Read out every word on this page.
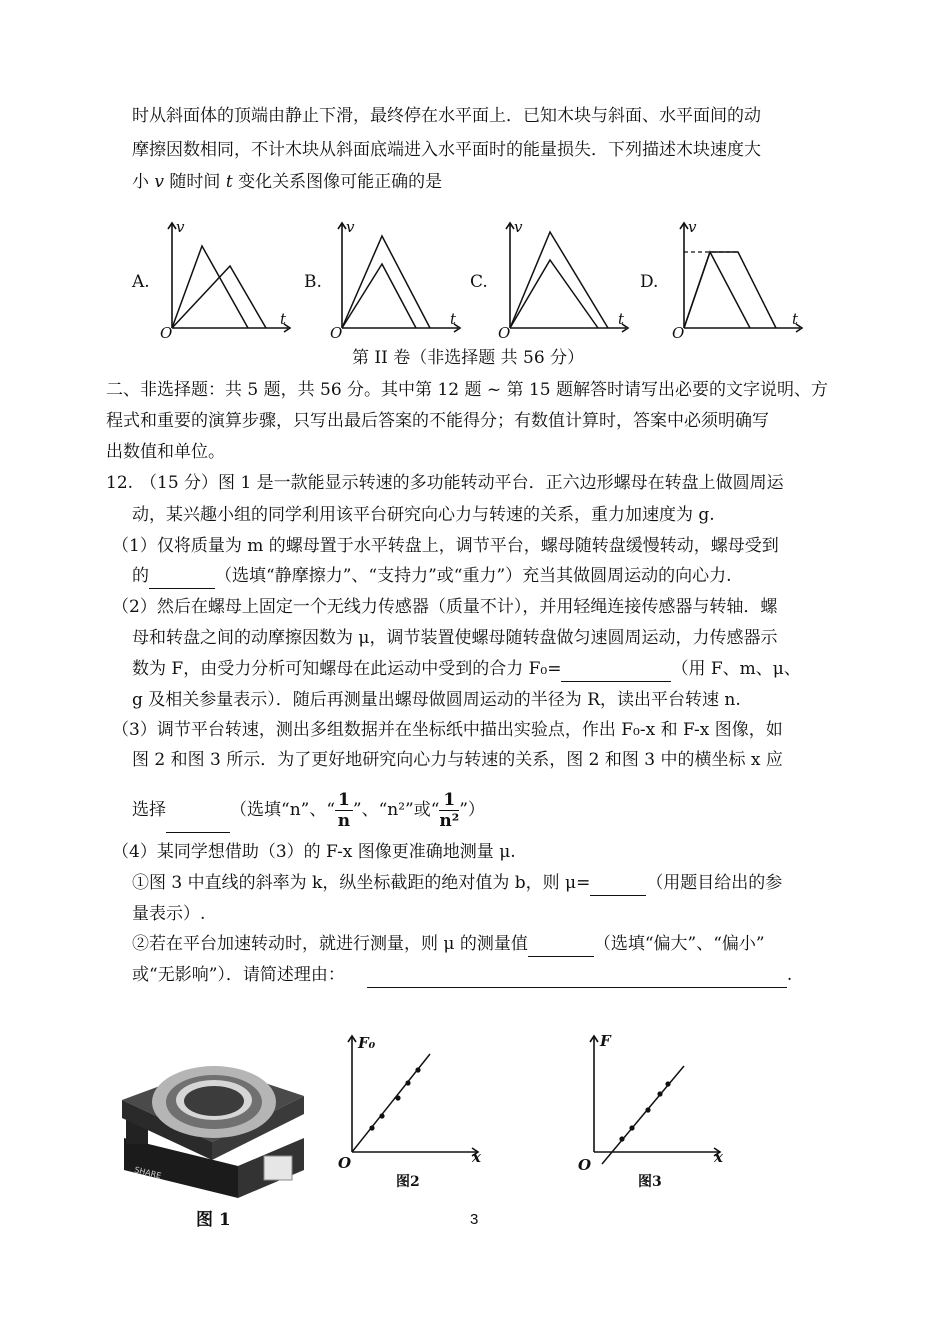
时从斜面体的顶端由静止下滑，最终停在水平面上．已知木块与斜面、水平面间的动
摩擦因数相同，不计木块从斜面底端进入水平面时的能量损失．下列描述木块速度大
小 v 随时间 t 变化关系图像可能正确的是
A.
v
t
O
B.
v
t
O
C.
v
t
O
D.
v
t
O
第 II 卷（非选择题 共 56 分）
二、非选择题：共 5 题，共 56 分。其中第 12 题 ~ 第 15 题解答时请写出必要的文字说明、方
程式和重要的演算步骤，只写出最后答案的不能得分；有数值计算时，答案中必须明确写
出数值和单位。
12. （15 分）图 1 是一款能显示转速的多功能转动平台．正六边形螺母在转盘上做圆周运
动，某兴趣小组的同学利用该平台研究向心力与转速的关系，重力加速度为 g.
（1）仅将质量为 m 的螺母置于水平转盘上，调节平台，螺母随转盘缓慢转动，螺母受到
的	（选填“静摩擦力”、“支持力”或“重力”）充当其做圆周运动的向心力.
（2）然后在螺母上固定一个无线力传感器（质量不计），并用轻绳连接传感器与转轴．螺
母和转盘之间的动摩擦因数为 μ，调节装置使螺母随转盘做匀速圆周运动，力传感器示
数为 F，由受力分析可知螺母在此运动中受到的合力 F₀=	（用 F、m、μ、
g 及相关参量表示）．随后再测量出螺母做圆周运动的半径为 R，读出平台转速 n.
（3）调节平台转速，测出多组数据并在坐标纸中描出实验点，作出 F₀-x 和 F-x 图像，如
图 2 和图 3 所示．为了更好地研究向心力与转速的关系，图 2 和图 3 中的横坐标 x 应
选择	（选填“n”、“ $\frac{1}{n}$ ”、“n²”或“ $\frac{1}{\text{n²}}$ ”）
（4）某同学想借助（3）的 F-x 图像更准确地测量 μ.
①图 3 中直线的斜率为 k，纵坐标截距的绝对值为 b，则 μ=	（用题目给出的参
量表示）.
②若在平台加速转动时，就进行测量，则 μ 的测量值	（选填“偏大”、“偏小”
或“无影响”）．请简述理由：	.
SHARE
图 1
F₀
x
O
图2
F
x
O
图3
3
